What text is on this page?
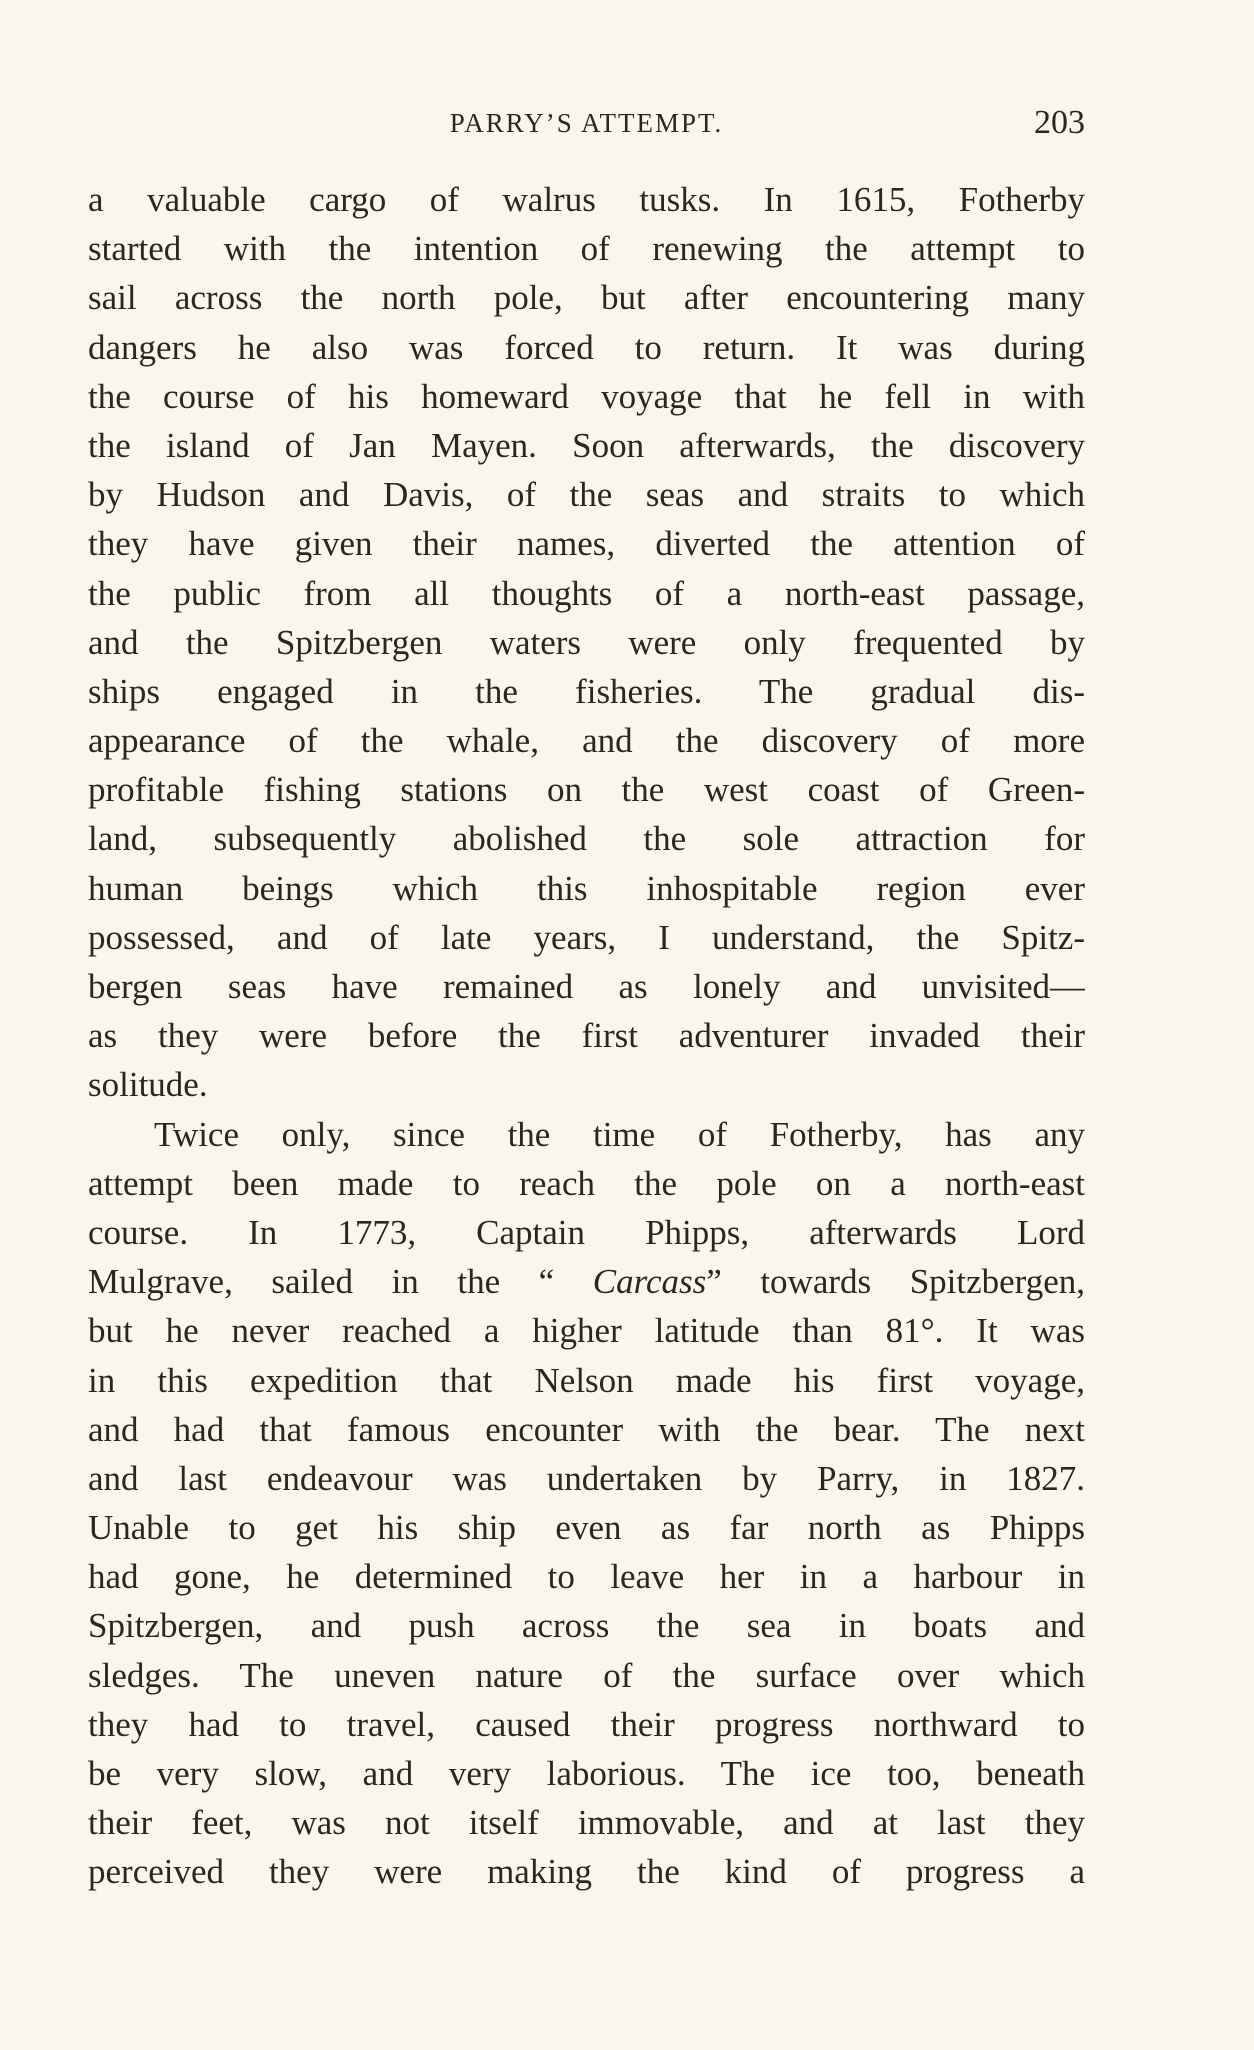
PARRY’S ATTEMPT.	203
a valuable cargo of walrus tusks. In 1615, Fotherby
started with the intention of renewing the attempt to
sail across the north pole, but after encountering many
dangers he also was forced to return. It was during
the course of his homeward voyage that he fell in with
the island of Jan Mayen. Soon afterwards, the discovery
by Hudson and Davis, of the seas and straits to which
they have given their names, diverted the attention of
the public from all thoughts of a north-east passage,
and the Spitzbergen waters were only frequented by
ships engaged in the fisheries. The gradual dis-
appearance of the whale, and the discovery of more
profitable fishing stations on the west coast of Green-
land, subsequently abolished the sole attraction for
human beings which this inhospitable region ever
possessed, and of late years, I understand, the Spitz-
bergen seas have remained as lonely and unvisited—
as they were before the first adventurer invaded their
solitude.
Twice only, since the time of Fotherby, has any
attempt been made to reach the pole on a north-east
course. In 1773, Captain Phipps, afterwards Lord
Mulgrave, sailed in the “ Carcass” towards Spitzbergen,
but he never reached a higher latitude than 81°. It was
in this expedition that Nelson made his first voyage,
and had that famous encounter with the bear. The next
and last endeavour was undertaken by Parry, in 1827.
Unable to get his ship even as far north as Phipps
had gone, he determined to leave her in a harbour in
Spitzbergen, and push across the sea in boats and
sledges. The uneven nature of the surface over which
they had to travel, caused their progress northward to
be very slow, and very laborious. The ice too, beneath
their feet, was not itself immovable, and at last they
perceived they were making the kind of progress a
